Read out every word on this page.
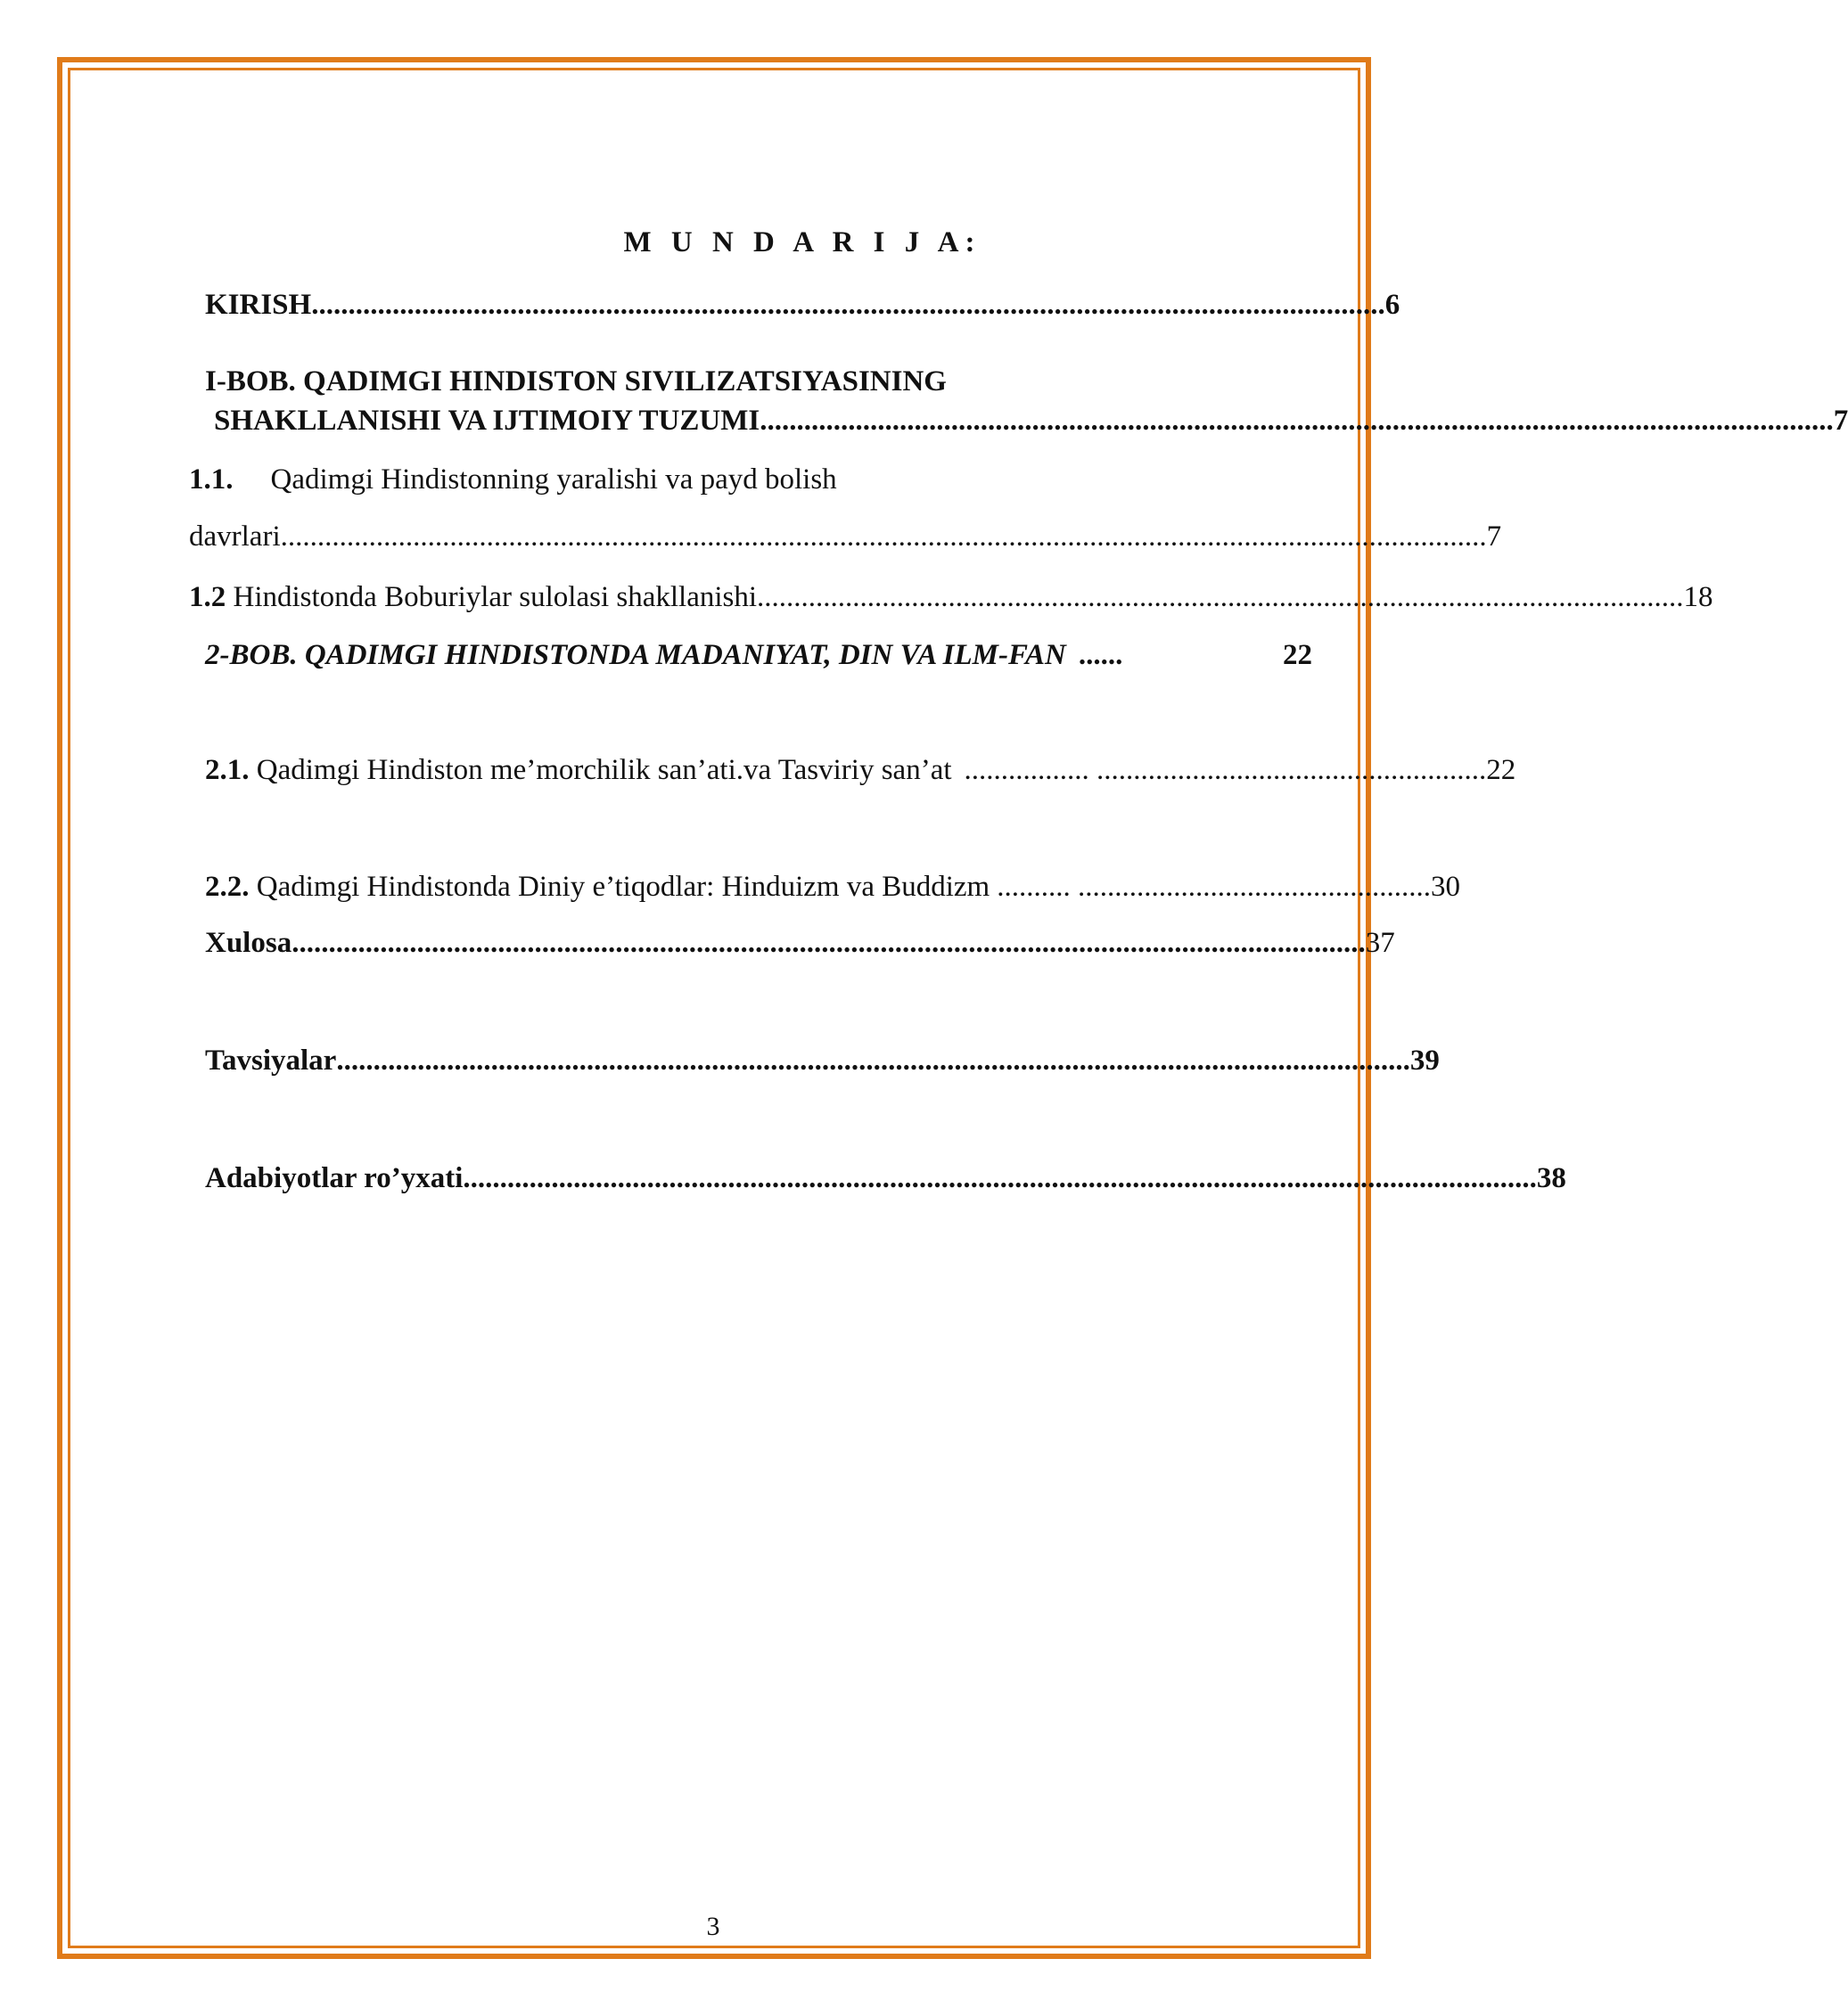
M U N D A R I J A:
KIRISH .................................................................................................................................................. 6
I-BOB. QADIMGI HINDISTON SIVILIZATSIYASINING
SHAKLLANISHI VA IJTIMOIY TUZUMI .................................................................................................................................................. 7
1.1. Qadimgi Hindistonning yaralishi va payd bolish
davrlari .................................................................................................................................................................... 7
1.2 Hindistonda Boburiylar sulolasi shakllanishi .............................................................................................................................. 18
2-BOB. QADIMGI HINDISTONDA MADANIYAT, DIN VA ILM-FAN ......	22
2.1. Qadimgi Hindiston me’morchilik san’ati.va Tasviriy san’at ................. ..................................................... 22
2.2. Qadimgi Hindistonda Diniy e’tiqodlar: Hinduizm va Buddizm .......... ................................................ 30
Xulosa .................................................................................................................................................. 37
Tavsiyalar .................................................................................................................................................. 39
Adabiyotlar ro’yxati .................................................................................................................................................. 38
3
